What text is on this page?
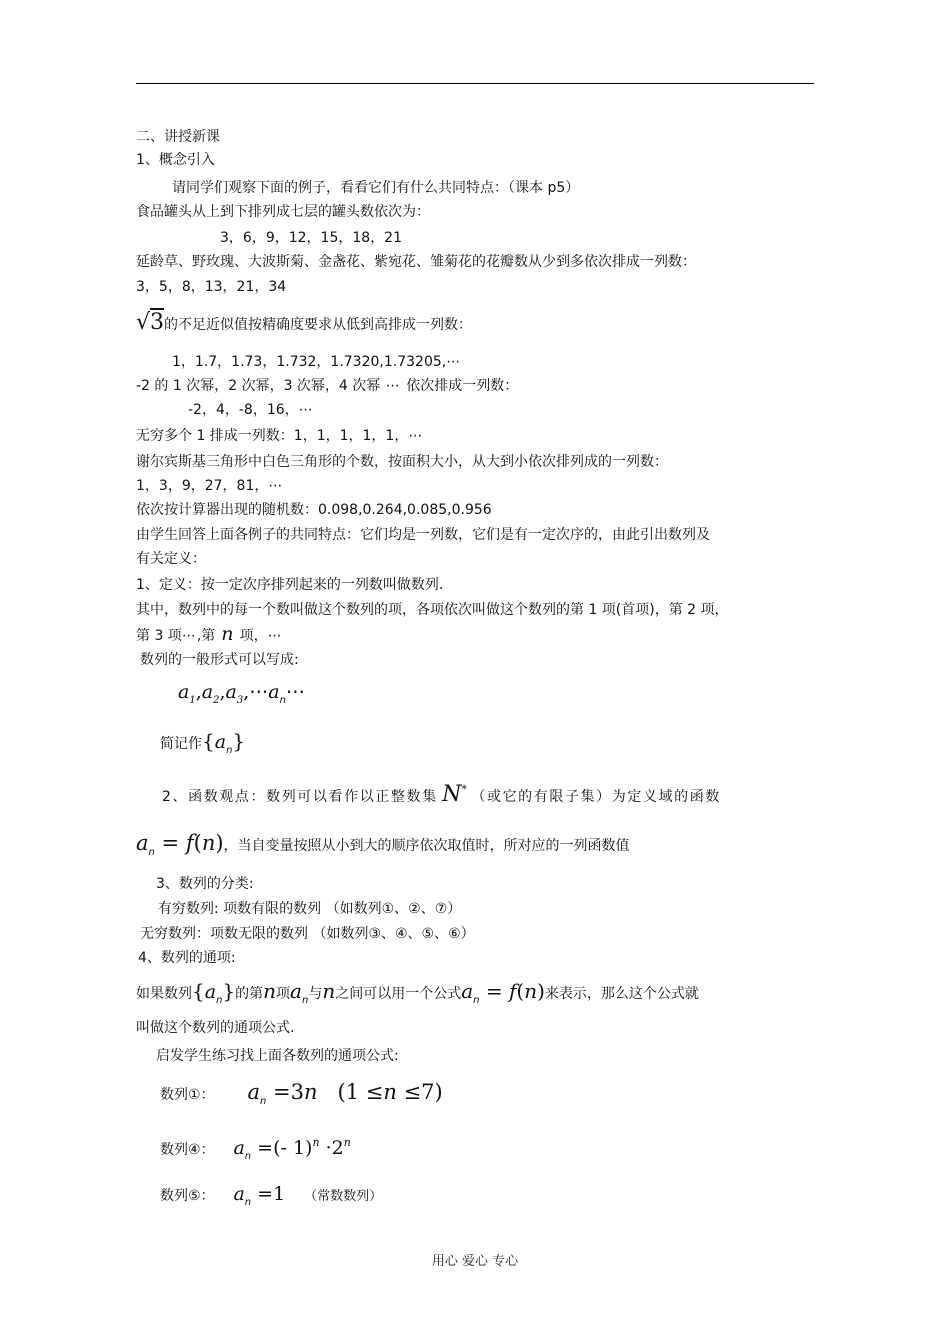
二、讲授新课
1、概念引入
请同学们观察下面的例子，看看它们有什么共同特点：（课本 p5）
食品罐头从上到下排列成七层的罐头数依次为：
3，6，9，12，15，18，21
延龄草、野玫瑰、大波斯菊、金盏花、紫宛花、雏菊花的花瓣数从少到多依次排成一列数：
3，5，8，13，21，34
√3的不足近似值按精确度要求从低到高排成一列数：
1，1.7，1.73，1.732，1.7320,1.73205,⋯
-2 的 1 次幂，2 次幂，3 次幂，4 次幂 ⋯ 依次排成一列数：
-2，4，-8，16，⋯
无穷多个 1 排成一列数：1，1，1，1，1，⋯
谢尔宾斯基三角形中白色三角形的个数，按面积大小，从大到小依次排列成的一列数：
1，3，9，27，81，⋯
依次按计算器出现的随机数：0.098,0.264,0.085,0.956
由学生回答上面各例子的共同特点：它们均是一列数，它们是有一定次序的，由此引出数列及
有关定义：
1、定义：按一定次序排列起来的一列数叫做数列.
其中，数列中的每一个数叫做这个数列的项，各项依次叫做这个数列的第 1 项(首项)，第 2 项，
第 3 项⋯,第 n 项，⋯
数列的一般形式可以写成:
$a_1,a_2,a_3,\cdots a_n\cdots$
简记作$\{a_n\}$
2、函数观点：数列可以看作以正整数集 N* （或它的有限子集）为定义域的函数
$a_n = f(n)$，当自变量按照从小到大的顺序依次取值时，所对应的一列函数值
3、数列的分类:
有穷数列: 项数有限的数列 （如数列①、②、⑦）
无穷数列：项数无限的数列 （如数列③、④、⑤、⑥）
4、数列的通项:
如果数列$\{a_n\}$的第n项$a_n$与n之间可以用一个公式$a_n = f(n)$来表示，那么这个公式就
叫做这个数列的通项公式.
启发学生练习找上面各数列的通项公式:
数列①： $a_n =3n$   (1 ≤n ≤7)
数列④： $a_n$ =(- $1)^n \cdot 2^n$
数列⑤： $a_n =1$ （常数数列）
用心 爱心 专心
